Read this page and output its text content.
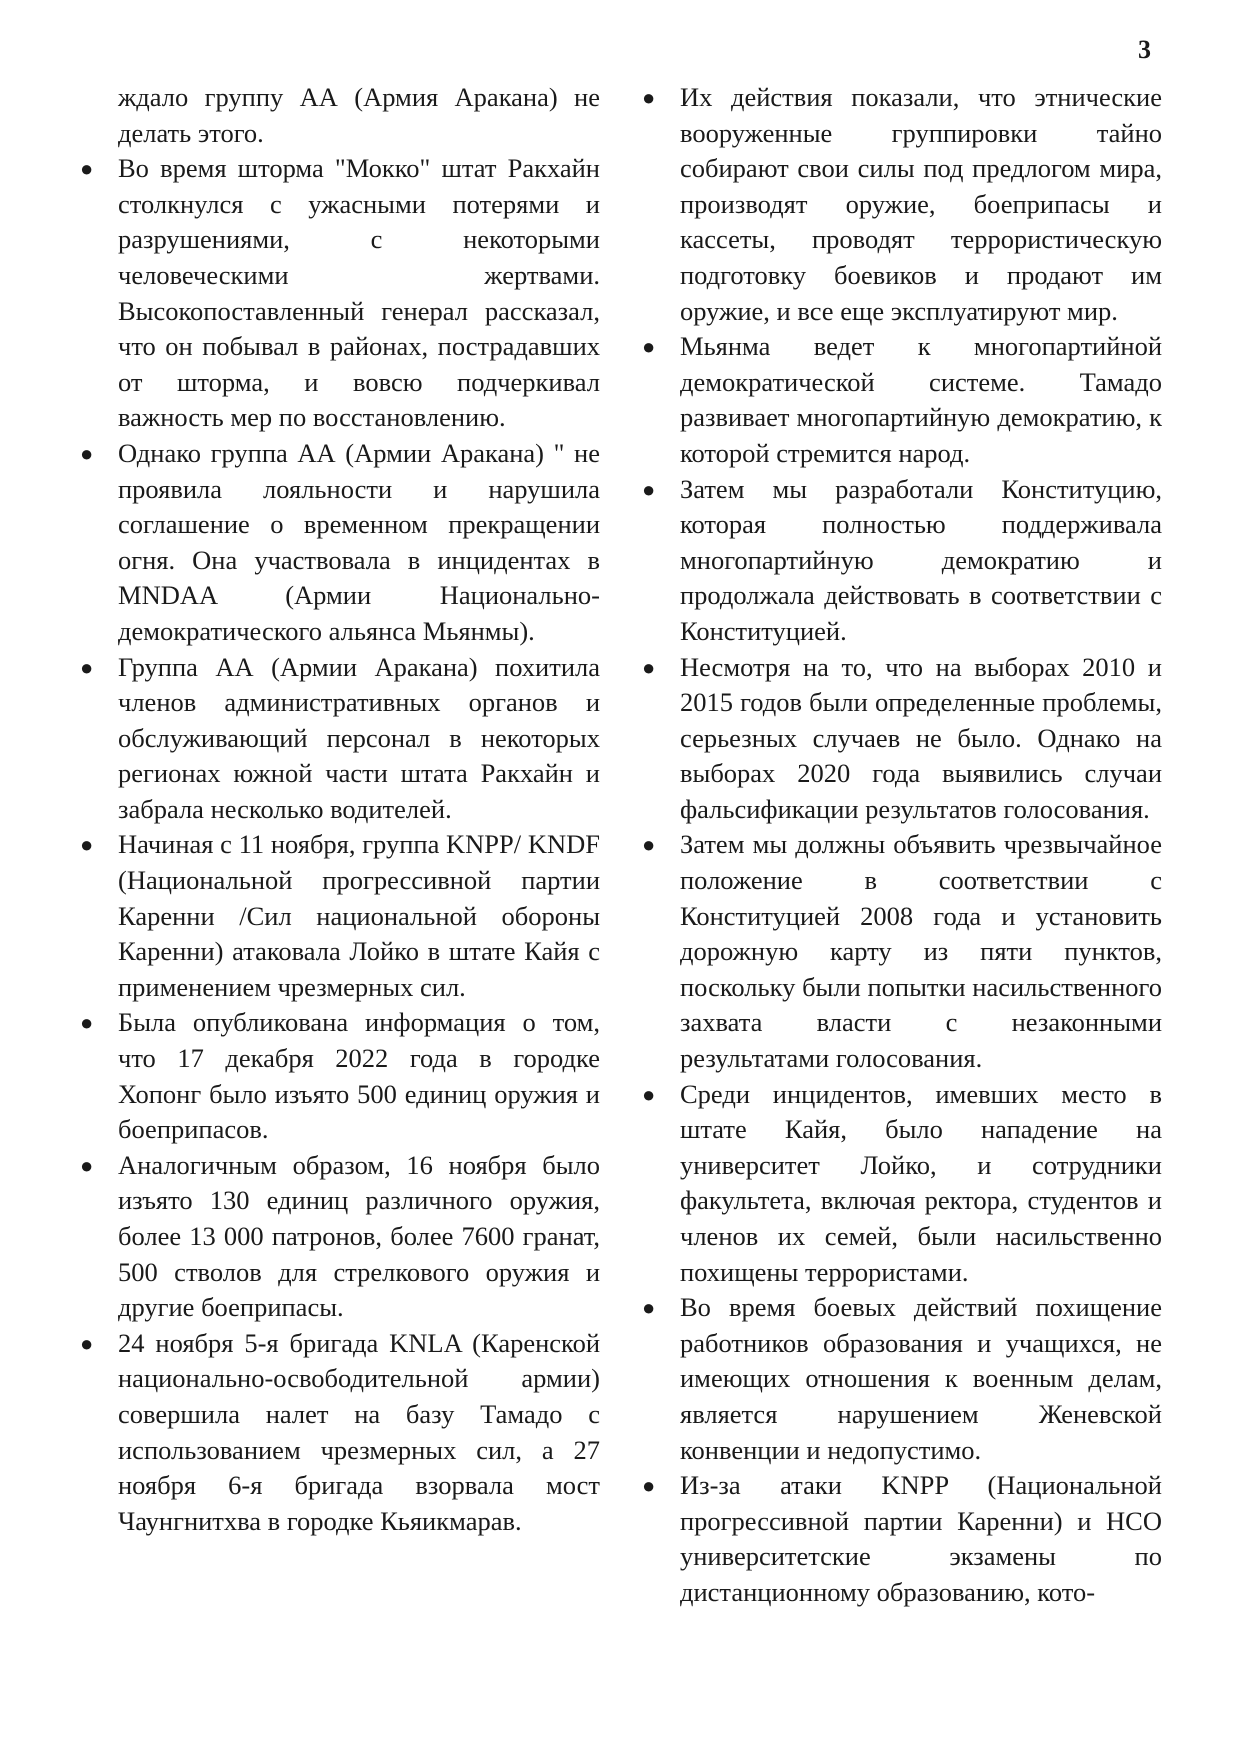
3

ждало группу АА (Армия Аракана) не делать этого.

● Во время шторма "Мокко" штат Ракхайн столкнулся с ужасными потерями и разрушениями, с некоторыми человеческими жертвами. Высокопоставленный генерал рассказал, что он побывал в районах, пострадавших от шторма, и вовсю подчеркивал важность мер по восстановлению.
● Однако группа АА (Армии Аракана) " не проявила лояльности и нарушила соглашение о временном прекращении огня. Она участвовала в инцидентах в MNDAA (Армии Национально-демократического альянса Мьянмы).
● Группа АА (Армии Аракана) похитила членов административных органов и обслуживающий персонал в некоторых регионах южной части штата Ракхайн и забрала несколько водителей.
● Начиная с 11 ноября, группа KNPP/ KNDF (Национальной прогрессивной партии Каренни /Сил национальной обороны Каренни) атаковала Лойко в штате Кайя с применением чрезмерных сил.
● Была опубликована информация о том, что 17 декабря 2022 года в городке Хопонг было изъято 500 единиц оружия и боеприпасов.
● Аналогичным образом, 16 ноября было изъято 130 единиц различного оружия, более 13 000 патронов, более 7600 гранат, 500 стволов для стрелкового оружия и другие боеприпасы.
● 24 ноября 5-я бригада KNLA (Каренской национально-освободительной армии) совершила налет на базу Тамадо с использованием чрезмерных сил, а 27 ноября 6-я бригада взорвала мост Чаунгнитхва в городке Кьяикмарав.
● Их действия показали, что этнические вооруженные группировки тайно собирают свои силы под предлогом мира, производят оружие, боеприпасы и кассеты, проводят террористическую подготовку боевиков и продают им оружие, и все еще эксплуатируют мир.
● Мьянма ведет к многопартийной демократической системе. Тамадо развивает многопартийную демократию, к которой стремится народ.
● Затем мы разработали Конституцию, которая полностью поддерживала многопартийную демократию и продолжала действовать в соответствии с Конституцией.
● Несмотря на то, что на выборах 2010 и 2015 годов были определенные проблемы, серьезных случаев не было. Однако на выборах 2020 года выявились случаи фальсификации результатов голосования.
● Затем мы должны объявить чрезвычайное положение в соответствии с Конституцией 2008 года и установить дорожную карту из пяти пунктов, поскольку были попытки насильственного захвата власти с незаконными результатами голосования.
● Среди инцидентов, имевших место в штате Кайя, было нападение на университет Лойко, и сотрудники факультета, включая ректора, студентов и членов их семей, были насильственно похищены террористами.
● Во время боевых действий похищение работников образования и учащихся, не имеющих отношения к военным делам, является нарушением Женевской конвенции и недопустимо.
● Из-за атаки KNPP (Национальной прогрессивной партии Каренни) и НСО университетские экзамены по дистанционному образованию, кото-
